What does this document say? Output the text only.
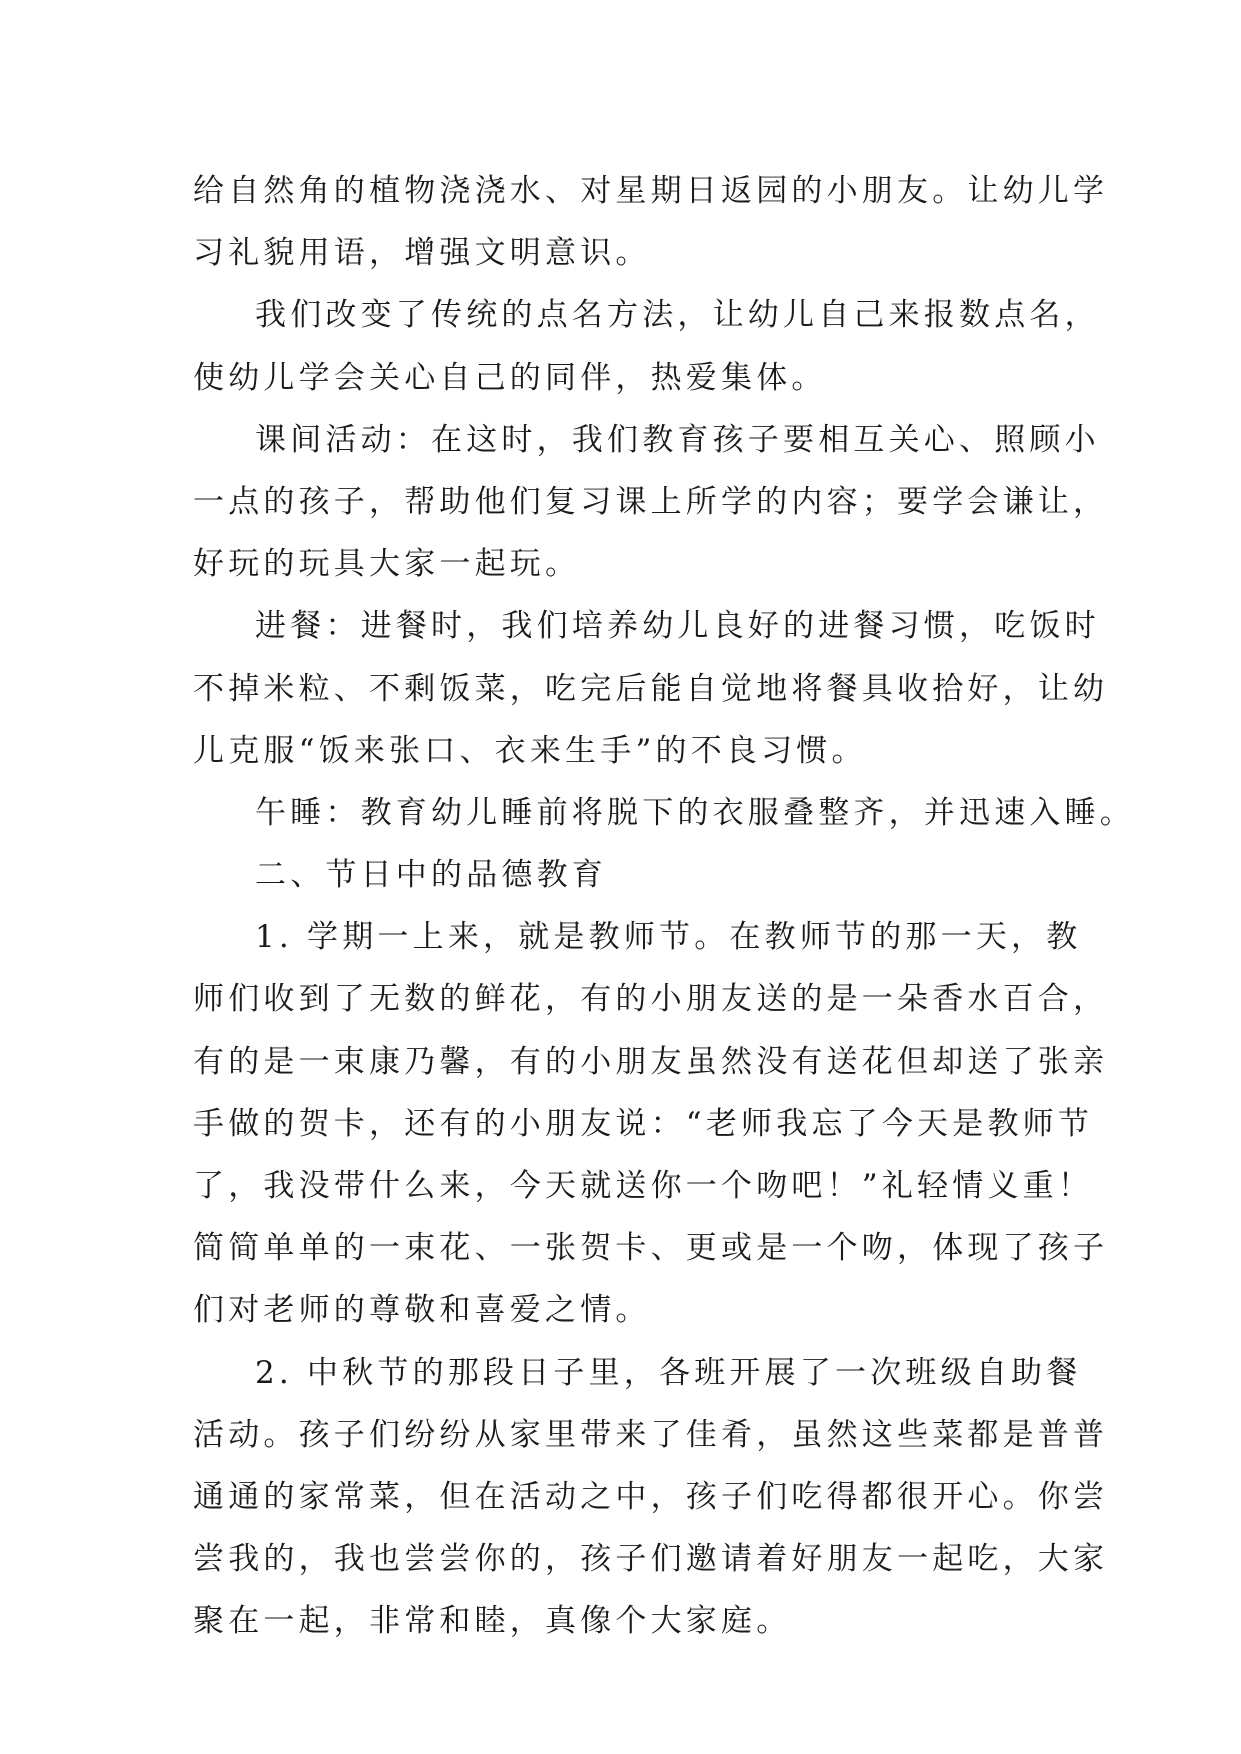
给自然角的植物浇浇水、对星期日返园的小朋友。让幼儿学
习礼貌用语，增强文明意识。
我们改变了传统的点名方法，让幼儿自己来报数点名，
使幼儿学会关心自己的同伴，热爱集体。
课间活动：在这时，我们教育孩子要相互关心、照顾小
一点的孩子，帮助他们复习课上所学的内容；要学会谦让，
好玩的玩具大家一起玩。
进餐：进餐时，我们培养幼儿良好的进餐习惯，吃饭时
不掉米粒、不剩饭菜，吃完后能自觉地将餐具收拾好，让幼
儿克服“饭来张口、衣来生手”的不良习惯。
午睡：教育幼儿睡前将脱下的衣服叠整齐，并迅速入睡。
二、节日中的品德教育
1. 学期一上来，就是教师节。在教师节的那一天，教
师们收到了无数的鲜花，有的小朋友送的是一朵香水百合，
有的是一束康乃馨，有的小朋友虽然没有送花但却送了张亲
手做的贺卡，还有的小朋友说：“老师我忘了今天是教师节
了，我没带什么来，今天就送你一个吻吧！”礼轻情义重！
简简单单的一束花、一张贺卡、更或是一个吻，体现了孩子
们对老师的尊敬和喜爱之情。
2. 中秋节的那段日子里，各班开展了一次班级自助餐
活动。孩子们纷纷从家里带来了佳肴，虽然这些菜都是普普
通通的家常菜，但在活动之中，孩子们吃得都很开心。你尝
尝我的，我也尝尝你的，孩子们邀请着好朋友一起吃，大家
聚在一起，非常和睦，真像个大家庭。
